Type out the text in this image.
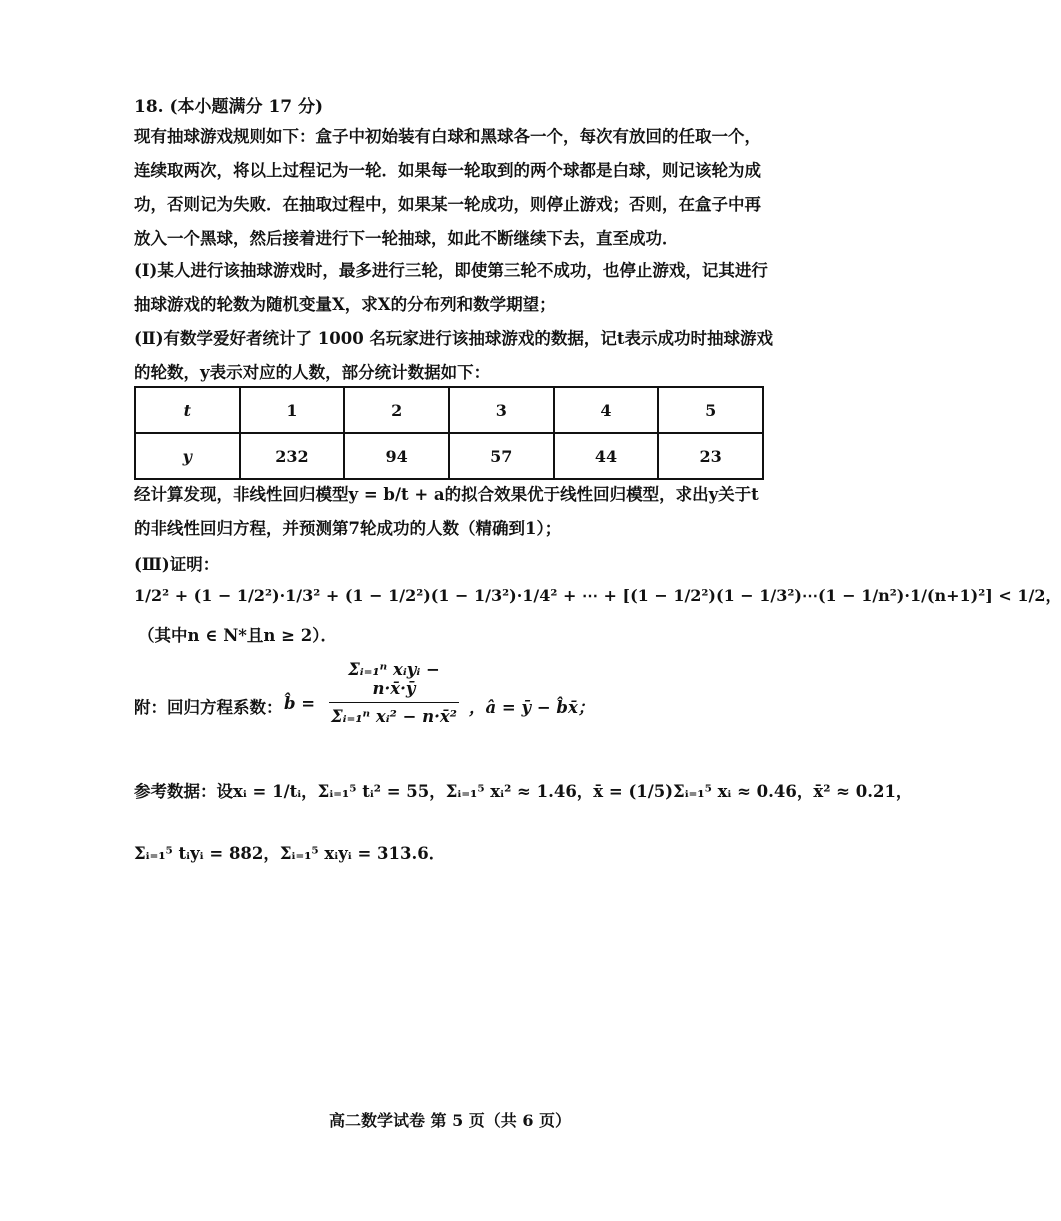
18. (本小题满分 17 分)
现有抽球游戏规则如下：盒子中初始装有白球和黑球各一个，每次有放回的任取一个，连续取两次，将以上过程记为一轮．如果每一轮取到的两个球都是白球，则记该轮为成功，否则记为失败．在抽取过程中，如果某一轮成功，则停止游戏；否则，在盒子中再放入一个黑球，然后接着进行下一轮抽球，如此不断继续下去，直至成功．
(Ⅰ)某人进行该抽球游戏时，最多进行三轮，即使第三轮不成功，也停止游戏，记其进行抽球游戏的轮数为随机变量X，求X的分布列和数学期望；
(Ⅱ)有数学爱好者统计了 1000 名玩家进行该抽球游戏的数据，记t表示成功时抽球游戏的轮数，y表示对应的人数，部分统计数据如下：
t	1	2	3	4	5
y	232	94	57	44	23
经计算发现，非线性回归模型y = b/t + a的拟合效果优于线性回归模型，求出y关于t的非线性回归方程，并预测第7轮成功的人数（精确到1）；
(Ⅲ)证明：
1/2² + (1 − 1/2²)·1/3² + (1 − 1/2²)(1 − 1/3²)·1/4² + ⋯ + [(1 − 1/2²)(1 − 1/3²)⋯(1 − 1/n²)·1/(n+1)²] < 1/2，
（其中n ∈ N*且n ≥ 2）．
附：回归方程系数： b̂ =
Σᵢ₌₁ⁿ xᵢyᵢ − n·x̄·ȳ
Σᵢ₌₁ⁿ xᵢ² − n·x̄² ，â = ȳ − b̂x̄；
参考数据：设xᵢ = 1/tᵢ，Σᵢ₌₁⁵ tᵢ² = 55，Σᵢ₌₁⁵ xᵢ² ≈ 1.46，x̄ = (1/5)Σᵢ₌₁⁵ xᵢ ≈ 0.46，x̄² ≈ 0.21，
Σᵢ₌₁⁵ tᵢyᵢ = 882，Σᵢ₌₁⁵ xᵢyᵢ = 313.6．
高二数学试卷 第 5 页（共 6 页）
